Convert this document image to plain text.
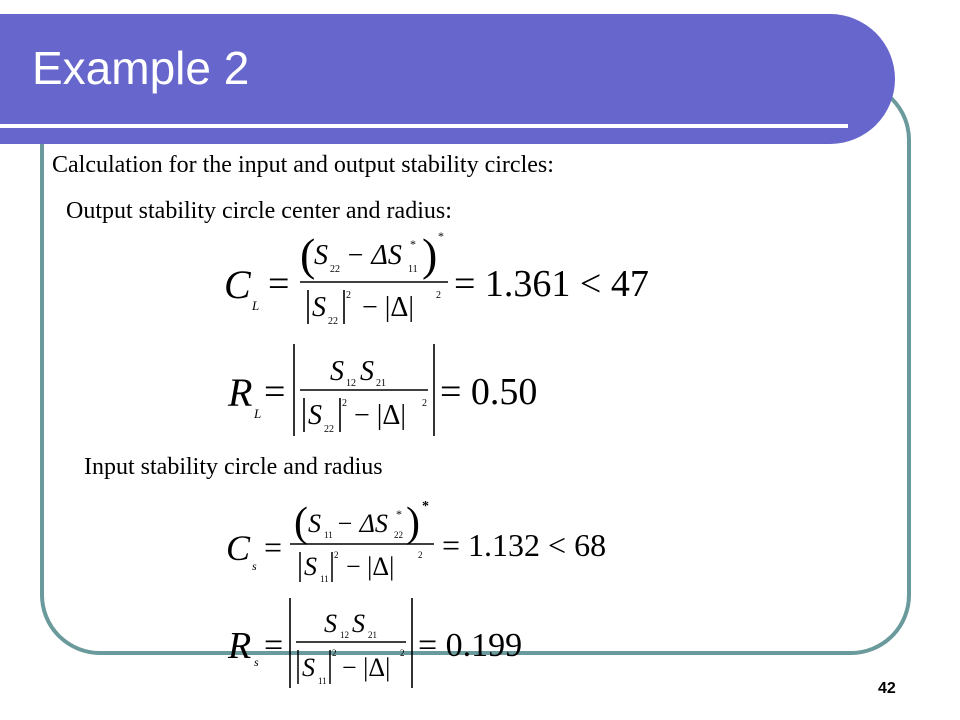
Example 2
Calculation for the input and output stability circles:
Output stability circle center and radius:
Input stability circle and radius
C L
=
(
S 22 − ΔS 11
* ) *
S 22
2 − |Δ| 2 = 1.361 < 47
R L
= S 12 S 21
S 22
2 − |Δ| 2 = 0.50
C s
=
( S 11 − ΔS 22
* ) *
S 11
2 − |Δ|	2 = 1.132 < 68
R s =
S 12 S 21
S 11
2 − |Δ| 2 = 0.199
42
